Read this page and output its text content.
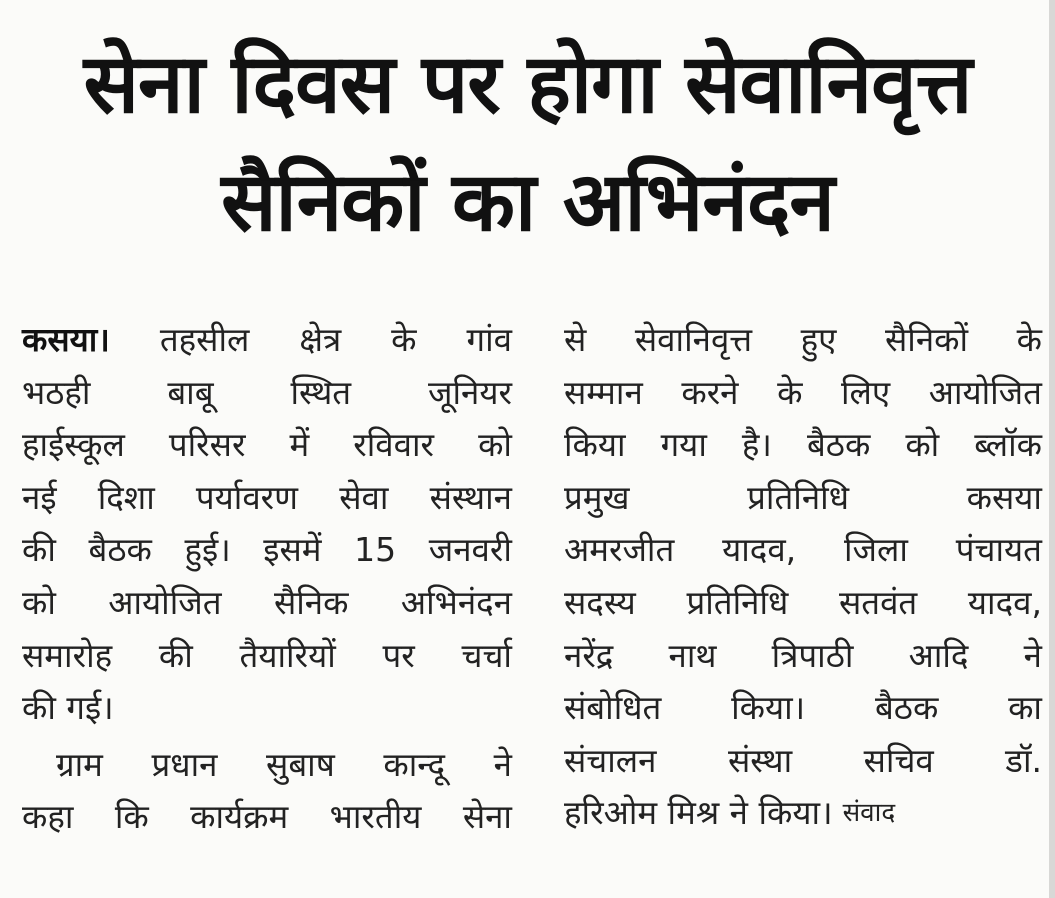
सेना दिवस पर होगा सेवानिवृत्त
सैनिकों का अभिनंदन
कसया। तहसील क्षेत्र के गांव
भठही बाबू स्थित जूनियर
हाईस्कूल परिसर में रविवार को
नई दिशा पर्यावरण सेवा संस्थान
की बैठक हुई। इसमें 15 जनवरी
को आयोजित सैनिक अभिनंदन
समारोह की तैयारियों पर चर्चा
की गई।
ग्राम प्रधान सुबाष कान्दू ने
कहा कि कार्यक्रम भारतीय सेना
से सेवानिवृत्त हुए सैनिकों के
सम्मान करने के लिए आयोजित
किया गया है। बैठक को ब्लॉक
प्रमुख	प्रतिनिधि	कसया
अमरजीत यादव, जिला पंचायत
सदस्य प्रतिनिधि सतवंत यादव,
नरेंद्र नाथ त्रिपाठी आदि ने
संबोधित किया। बैठक का
संचालन संस्था सचिव डॉ.
हरिओम मिश्र ने किया। संवाद
